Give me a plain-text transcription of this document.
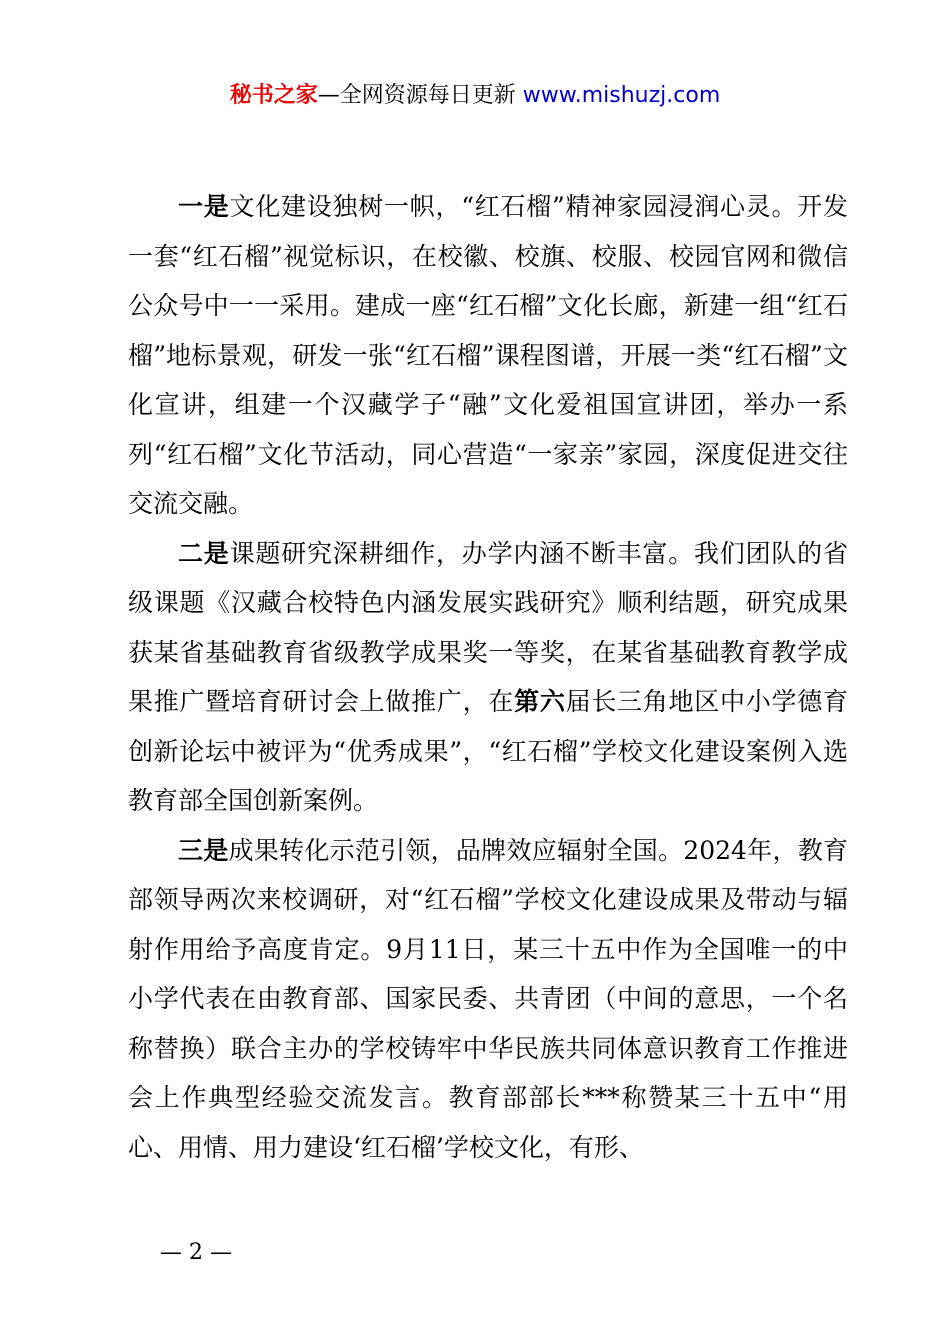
秘书之家—全网资源每日更新 www.mishuzj.com

一是文化建设独树一帜，“红石榴”精神家园浸润心灵。开发一套“红石榴”视觉标识，在校徽、校旗、校服、校园官网和微信公众号中一一采用。建成一座“红石榴”文化长廊，新建一组“红石榴”地标景观，研发一张“红石榴”课程图谱，开展一类“红石榴”文化宣讲，组建一个汉藏学子“融”文化爱祖国宣讲团，举办一系列“红石榴”文化节活动，同心营造“一家亲”家园，深度促进交往交流交融。

二是课题研究深耕细作，办学内涵不断丰富。我们团队的省级课题《汉藏合校特色内涵发展实践研究》顺利结题，研究成果获某省基础教育省级教学成果奖一等奖，在某省基础教育教学成果推广暨培育研讨会上做推广，在第六届长三角地区中小学德育创新论坛中被评为“优秀成果”，“红石榴”学校文化建设案例入选教育部全国创新案例。

三是成果转化示范引领，品牌效应辐射全国。2024年，教育部领导两次来校调研，对“红石榴”学校文化建设成果及带动与辐射作用给予高度肯定。9月11日，某三十五中作为全国唯一的中小学代表在由教育部、国家民委、共青团（中间的意思，一个名称替换）联合主办的学校铸牢中华民族共同体意识教育工作推进会上作典型经验交流发言。教育部部长***称赞某三十五中“用心、用情、用力建设‘红石榴’学校文化，有形、

— 2 —
